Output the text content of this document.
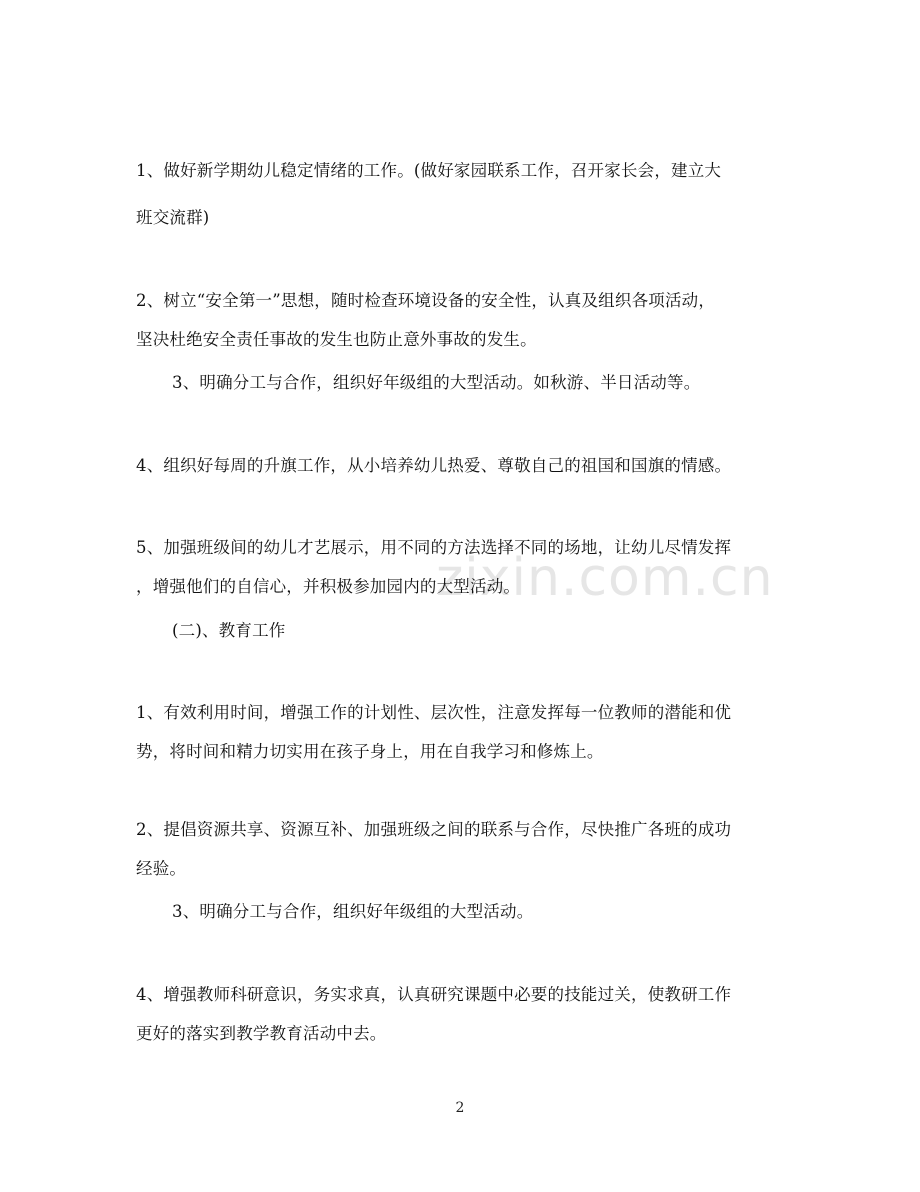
zixin.com.cn
1、做好新学期幼儿稳定情绪的工作。(做好家园联系工作，召开家长会，建立大
班交流群)
2、树立“安全第一”思想，随时检查环境设备的安全性，认真及组织各项活动，
坚决杜绝安全责任事故的发生也防止意外事故的发生。
3、明确分工与合作，组织好年级组的大型活动。如秋游、半日活动等。
4、组织好每周的升旗工作，从小培养幼儿热爱、尊敬自己的祖国和国旗的情感。
5、加强班级间的幼儿才艺展示，用不同的方法选择不同的场地，让幼儿尽情发挥
，增强他们的自信心，并积极参加园内的大型活动。
(二)、教育工作
1、有效利用时间，增强工作的计划性、层次性，注意发挥每一位教师的潜能和优
势，将时间和精力切实用在孩子身上，用在自我学习和修炼上。
2、提倡资源共享、资源互补、加强班级之间的联系与合作，尽快推广各班的成功
经验。
3、明确分工与合作，组织好年级组的大型活动。
4、增强教师科研意识，务实求真，认真研究课题中必要的技能过关，使教研工作
更好的落实到教学教育活动中去。
2
